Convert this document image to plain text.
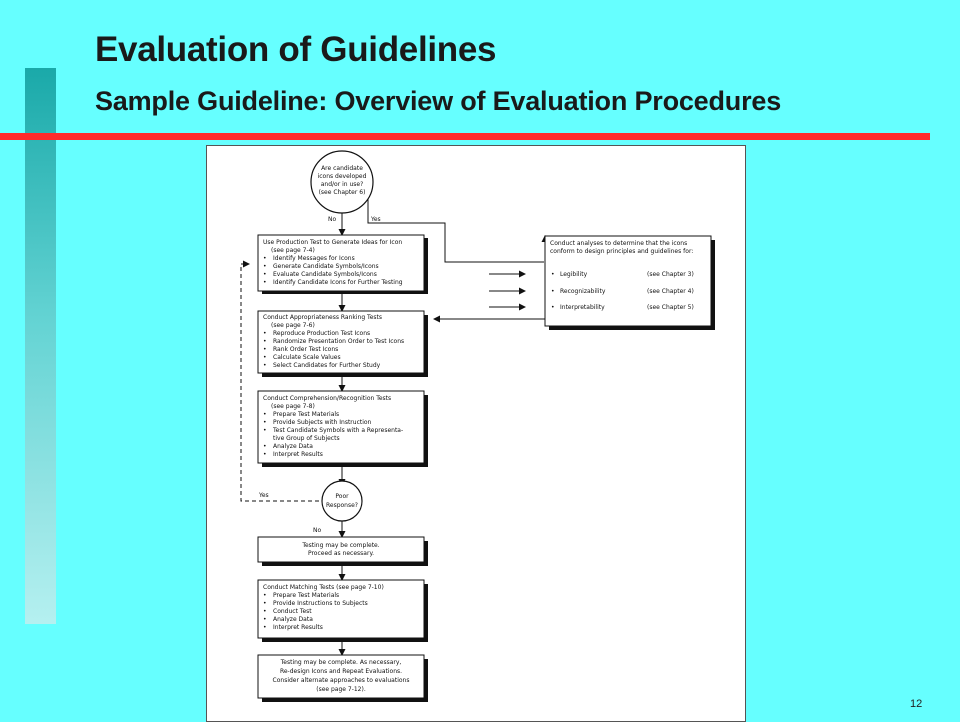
Evaluation of Guidelines
Sample Guideline: Overview of Evaluation Procedures
Are candidate
icons developed
and/or in use?
(see Chapter 6)
No	Yes
Use Production Test to Generate Ideas for Icon
(see page 7-4)
• Identify Messages for Icons
• Generate Candidate Symbols/Icons
• Evaluate Candidate Symbols/Icons
• Identify Candidate Icons for Further Testing
Conduct analyses to determine that the icons
conform to design principles and guidelines for:
• Legibility	(see Chapter 3)
• Recognizability	(see Chapter 4)
• Interpretability	(see Chapter 5)
Conduct Appropriateness Ranking Tests
(see page 7-6)
• Reproduce Production Test Icons
• Randomize Presentation Order to Test Icons
• Rank Order Test Icons
• Calculate Scale Values
• Select Candidates for Further Study
Conduct Comprehension/Recognition Tests
(see page 7-8)
• Prepare Test Materials
• Provide Subjects with Instruction
• Test Candidate Symbols with a Representa-
tive Group of Subjects
• Analyze Data
• Interpret Results
Poor
Response?
Yes
No
Testing may be complete.
Proceed as necessary.
Conduct Matching Tests (see page 7-10)
• Prepare Test Materials
• Provide Instructions to Subjects
• Conduct Test
• Analyze Data
• Interpret Results
Testing may be complete. As necessary,
Re-design Icons and Repeat Evaluations.
Consider alternate approaches to evaluations
(see page 7-12).
12
